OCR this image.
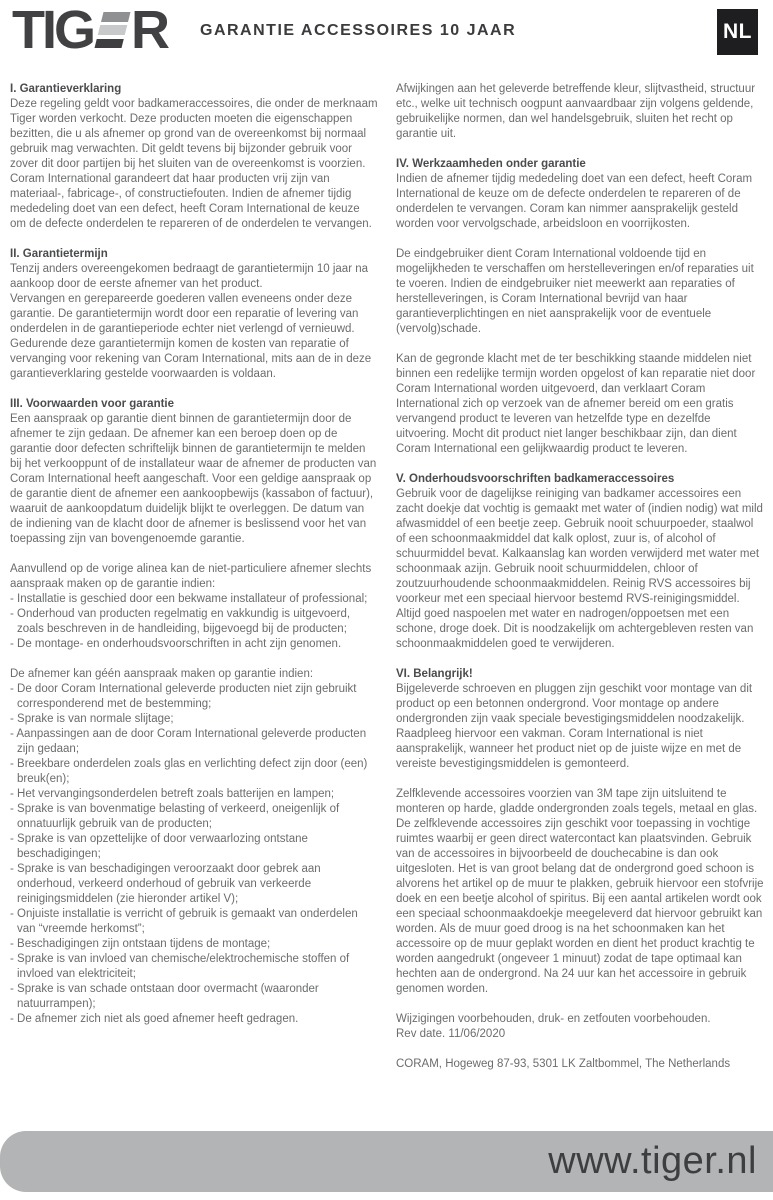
T I G R GARANTIE ACCESSOIRES 10 JAAR	NL
I. Garantieverklaring

Deze regeling geldt voor badkameraccessoires, die onder de merknaam Tiger worden verkocht. Deze producten moeten die eigenschappen bezitten, die u als afnemer op grond van de overeenkomst bij normaal gebruik mag verwachten. Dit geldt tevens bij bijzonder gebruik voor zover dit door partijen bij het sluiten van de overeenkomst is voorzien. Coram International garandeert dat haar producten vrij zijn van materiaal-, fabricage-, of constructiefouten. Indien de afnemer tijdig mededeling doet van een defect, heeft Coram International de keuze om de defecte onderdelen te repareren of de onderdelen te vervangen.

II. Garantietermijn

Tenzij anders overeengekomen bedraagt de garantietermijn 10 jaar na aankoop door de eerste afnemer van het product.

Vervangen en gerepareerde goederen vallen eveneens onder deze garantie. De garantietermijn wordt door een reparatie of levering van onderdelen in de garantieperiode echter niet verlengd of vernieuwd.

Gedurende deze garantietermijn komen de kosten van reparatie of vervanging voor rekening van Coram International, mits aan de in deze garantieverklaring gestelde voorwaarden is voldaan.

III. Voorwaarden voor garantie

Een aanspraak op garantie dient binnen de garantietermijn door de afnemer te zijn gedaan. De afnemer kan een beroep doen op de garantie door defecten schriftelijk binnen de garantietermijn te melden bij het verkooppunt of de installateur waar de afnemer de producten van Coram International heeft aangeschaft. Voor een geldige aanspraak op de garantie dient de afnemer een aankoopbewijs (kassabon of factuur), waaruit de aankoopdatum duidelijk blijkt te overleggen. De datum van de indiening van de klacht door de afnemer is beslissend voor het van toepassing zijn van bovengenoemde garantie.

Aanvullend op de vorige alinea kan de niet-particuliere afnemer slechts aanspraak maken op de garantie indien:

- Installatie is geschied door een bekwame installateur of professional;
- Onderhoud van producten regelmatig en vakkundig is uitgevoerd, zoals beschreven in de handleiding, bijgevoegd bij de producten;
- De montage- en onderhoudsvoorschriften in acht zijn genomen.

De afnemer kan géén aanspraak maken op garantie indien:

- De door Coram International geleverde producten niet zijn gebruikt corresponderend met de bestemming;
- Sprake is van normale slijtage;
- Aanpassingen aan de door Coram International geleverde producten zijn gedaan;
- Breekbare onderdelen zoals glas en verlichting defect zijn door (een) breuk(en);
- Het vervangingsonderdelen betreft zoals batterijen en lampen;
- Sprake is van bovenmatige belasting of verkeerd, oneigenlijk of onnatuurlijk gebruik van de producten;
- Sprake is van opzettelijke of door verwaarlozing ontstane beschadigingen;
- Sprake is van beschadigingen veroorzaakt door gebrek aan onderhoud, verkeerd onderhoud of gebruik van verkeerde reinigingsmiddelen (zie hieronder artikel V);
- Onjuiste installatie is verricht of gebruik is gemaakt van onderdelen van “vreemde herkomst”;
- Beschadigingen zijn ontstaan tijdens de montage;
- Sprake is van invloed van chemische/elektrochemische stoffen of invloed van elektriciteit;
- Sprake is van schade ontstaan door overmacht (waaronder natuurrampen);
- De afnemer zich niet als goed afnemer heeft gedragen.

Afwijkingen aan het geleverde betreffende kleur, slijtvastheid, structuur etc., welke uit technisch oogpunt aanvaardbaar zijn volgens geldende, gebruikelijke normen, dan wel handelsgebruik, sluiten het recht op garantie uit.

IV. Werkzaamheden onder garantie

Indien de afnemer tijdig mededeling doet van een defect, heeft Coram International de keuze om de defecte onderdelen te repareren of de onderdelen te vervangen. Coram kan nimmer aansprakelijk gesteld worden voor vervolgschade, arbeidsloon en voorrijkosten.

De eindgebruiker dient Coram International voldoende tijd en mogelijkheden te verschaffen om herstelleveringen en/of reparaties uit te voeren. Indien de eindgebruiker niet meewerkt aan reparaties of herstelleveringen, is Coram International bevrijd van haar garantieverplichtingen en niet aansprakelijk voor de eventuele (vervolg)schade.

Kan de gegronde klacht met de ter beschikking staande middelen niet binnen een redelijke termijn worden opgelost of kan reparatie niet door Coram International worden uitgevoerd, dan verklaart Coram International zich op verzoek van de afnemer bereid om een gratis vervangend product te leveren van hetzelfde type en dezelfde uitvoering. Mocht dit product niet langer beschikbaar zijn, dan dient Coram International een gelijkwaardig product te leveren.

V. Onderhoudsvoorschriften badkameraccessoires

Gebruik voor de dagelijkse reiniging van badkamer accessoires een zacht doekje dat vochtig is gemaakt met water of (indien nodig) wat mild afwasmiddel of een beetje zeep. Gebruik nooit schuurpoeder, staalwol of een schoonmaakmiddel dat kalk oplost, zuur is, of alcohol of schuurmiddel bevat. Kalkaanslag kan worden verwijderd met water met schoonmaak azijn. Gebruik nooit schuurmiddelen, chloor of zoutzuurhoudende schoonmaakmiddelen. Reinig RVS accessoires bij voorkeur met een speciaal hiervoor bestemd RVS-reinigingsmiddel. Altijd goed naspoelen met water en nadrogen/oppoetsen met een schone, droge doek. Dit is noodzakelijk om achtergebleven resten van schoonmaakmiddelen goed te verwijderen.

VI. Belangrijk!

Bijgeleverde schroeven en pluggen zijn geschikt voor montage van dit product op een betonnen ondergrond. Voor montage op andere ondergronden zijn vaak speciale bevestigingsmiddelen noodzakelijk. Raadpleeg hiervoor een vakman. Coram International is niet aansprakelijk, wanneer het product niet op de juiste wijze en met de vereiste bevestigingsmiddelen is gemonteerd.

Zelfklevende accessoires voorzien van 3M tape zijn uitsluitend te monteren op harde, gladde ondergronden zoals tegels, metaal en glas. De zelfklevende accessoires zijn geschikt voor toepassing in vochtige ruimtes waarbij er geen direct watercontact kan plaatsvinden. Gebruik van de accessoires in bijvoorbeeld de douchecabine is dan ook uitgesloten. Het is van groot belang dat de ondergrond goed schoon is alvorens het artikel op de muur te plakken, gebruik hiervoor een stofvrije doek en een beetje alcohol of spiritus. Bij een aantal artikelen wordt ook een speciaal schoonmaakdoekje meegeleverd dat hiervoor gebruikt kan worden. Als de muur goed droog is na het schoonmaken kan het accessoire op de muur geplakt worden en dient het product krachtig te worden aangedrukt (ongeveer 1 minuut) zodat de tape optimaal kan hechten aan de ondergrond. Na 24 uur kan het accessoire in gebruik genomen worden.

Wijzigingen voorbehouden, druk- en zetfouten voorbehouden.

Rev date. 11/06/2020

CORAM, Hogeweg 87-93, 5301 LK Zaltbommel, The Netherlands

www.tiger.nl
